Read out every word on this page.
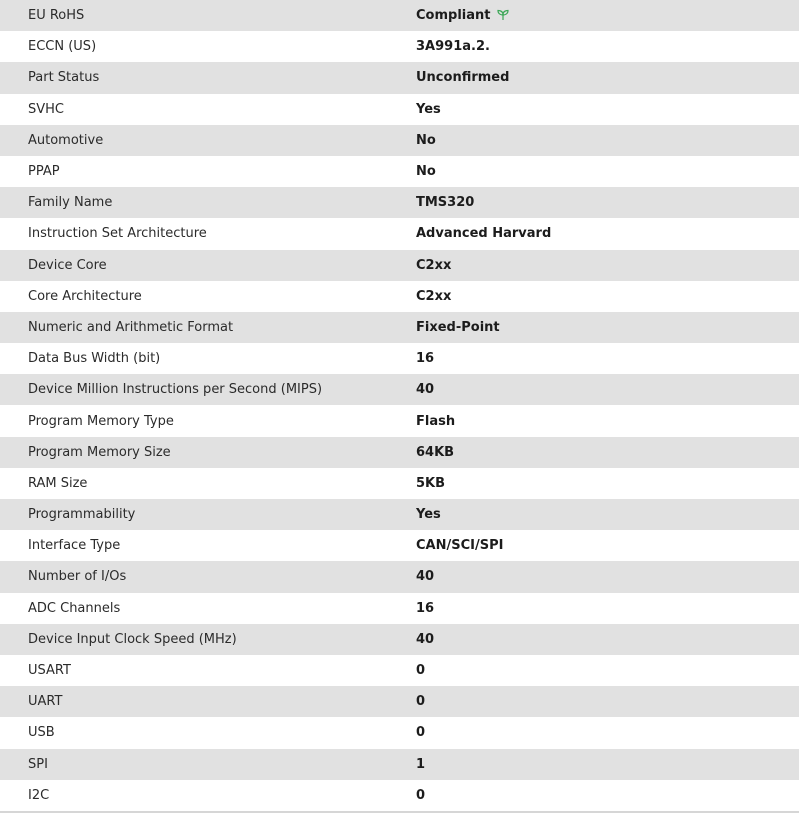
EU RoHS	Compliant
ECCN (US)	3A991a.2.
Part Status	Unconfirmed
SVHC	Yes
Automotive	No
PPAP	No
Family Name	TMS320
Instruction Set Architecture	Advanced Harvard
Device Core	C2xx
Core Architecture	C2xx
Numeric and Arithmetic Format	Fixed-Point
Data Bus Width (bit)	16
Device Million Instructions per Second (MIPS)	40
Program Memory Type	Flash
Program Memory Size	64KB
RAM Size	5KB
Programmability	Yes
Interface Type	CAN/SCI/SPI
Number of I/Os	40
ADC Channels	16
Device Input Clock Speed (MHz)	40
USART	0
UART	0
USB	0
SPI	1
I2C	0
